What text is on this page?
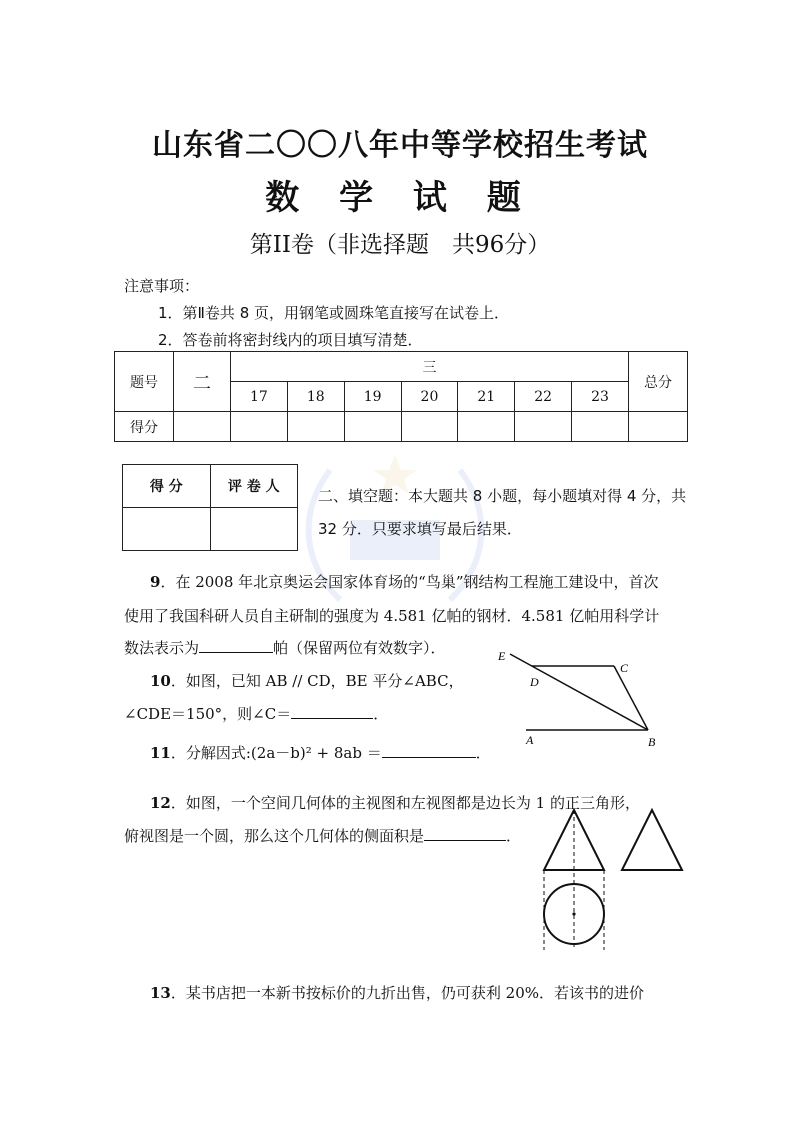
山东省二〇〇八年中等学校招生考试
数 学 试 题
第II卷（非选择题　共96分）
注意事项：
1．第Ⅱ卷共 8 页，用钢笔或圆珠笔直接写在试卷上．
2．答卷前将密封线内的项目填写清楚．
题号	二	三							总分
		17	18	19	20	21	22	23	
得分									
得 分	评 卷 人
		二、填空题：本大题共 8 小题，每小题填对得 4 分，共 32 分．只要求填写最后结果．
9．在 2008 年北京奥运会国家体育场的“鸟巢”钢结构工程施工建设中，首次
使用了我国科研人员自主研制的强度为 4.581 亿帕的钢材．4.581 亿帕用科学计
数法表示为	帕（保留两位有效数字）．
10．如图，已知 AB // CD，BE 平分∠ABC，
∠CDE＝150°，则∠C＝	．
E
D
C
A	B
11．分解因式:(2a－b)² + 8ab ＝	．
12．如图，一个空间几何体的主视图和左视图都是边长为 1 的正三角形，
俯视图是一个圆，那么这个几何体的侧面积是	．
13．某书店把一本新书按标价的九折出售，仍可获利 20%．若该书的进价
